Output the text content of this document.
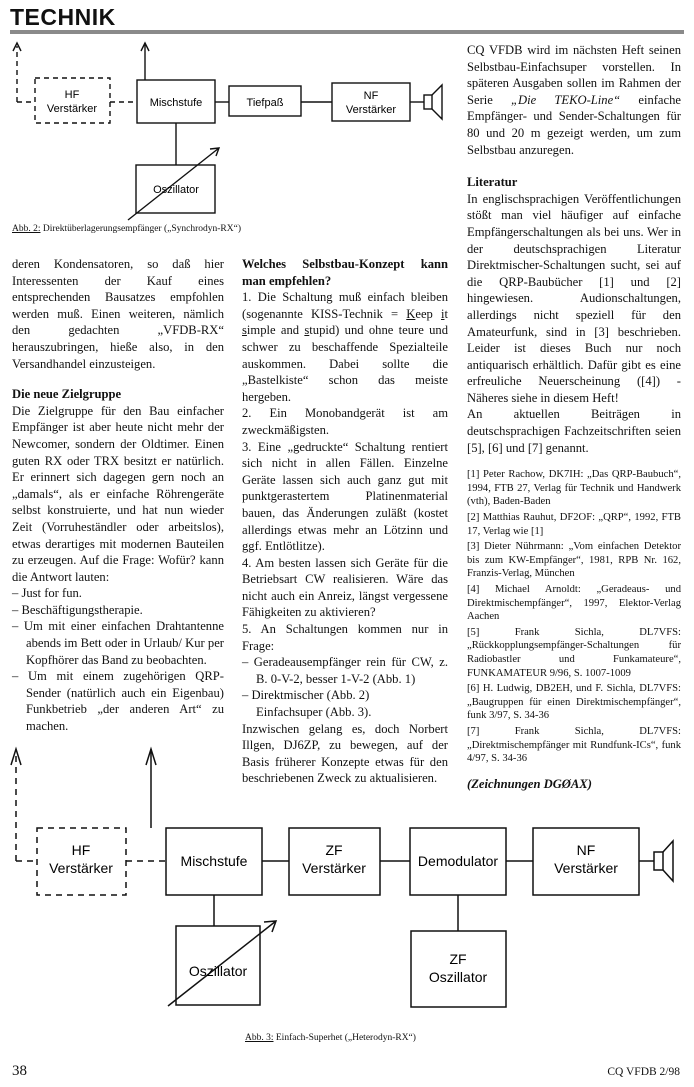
TECHNIK
HF
Verstärker	Mischstufe	Tiefpaß
NF
Verstärker
Oszillator
Abb. 2: Direktüberlagerungsempfänger („Synchrodyn-RX“)

deren Kondensatoren, so daß hier Interessenten der Kauf eines entsprechenden Bausatzes empfohlen werden muß. Einen weiteren, nämlich den gedachten „VFDB-RX“ herauszubringen, hieße also, in den Versandhandel einzusteigen.

Die neue Zielgruppe

Die Zielgruppe für den Bau einfacher Empfänger ist aber heute nicht mehr der Newcomer, sondern der Oldtimer. Einen guten RX oder TRX besitzt er natürlich. Er erinnert sich dagegen gern noch an „damals“, als er einfache Röhrengeräte selbst konstruierte, und hat nun wieder Zeit (Vorruheständler oder arbeitslos), etwas derartiges mit modernen Bauteilen zu erzeugen. Auf die Frage: Wofür? kann die Antwort lauten:

– Just for fun.

– Beschäftigungstherapie.

– Um mit einer einfachen Drahtantenne abends im Bett oder in Urlaub/ Kur per Kopfhörer das Band zu beobachten.

– Um mit einem zugehörigen QRP-Sender (natürlich auch ein Eigenbau) Funkbetrieb „der anderen Art“ zu machen.

Welches Selbstbau-Konzept kann man empfehlen?

1. Die Schaltung muß einfach bleiben (sogenannte KISS-Technik = Keep it simple and stupid) und ohne teure und schwer zu beschaffende Spezialteile auskommen. Dabei sollte die „Bastelkiste“ schon das meiste hergeben.

2. Ein Monobandgerät ist am zweckmäßigsten.

3. Eine „gedruckte“ Schaltung rentiert sich nicht in allen Fällen. Einzelne Geräte lassen sich auch ganz gut mit punktgerastertem Platinenmaterial bauen, das Änderungen zuläßt (kostet allerdings etwas mehr an Lötzinn und ggf. Entlötlitze).

4. Am besten lassen sich Geräte für die Betriebsart CW realisieren. Wäre das nicht auch ein Anreiz, längst vergessene Fähigkeiten zu aktivieren?

5. An Schaltungen kommen nur in Frage:

– Geradeausempfänger rein für CW, z. B. 0-V-2, besser 1-V-2 (Abb. 1)

– Direktmischer (Abb. 2)

Einfachsuper (Abb. 3).

Inzwischen gelang es, doch Norbert Illgen, DJ6ZP, zu bewegen, auf der Basis früherer Konzepte etwas für den beschriebenen Zweck zu aktualisieren.

CQ VFDB wird im nächsten Heft seinen Selbstbau-Einfachsuper vorstellen. In späteren Ausgaben sollen im Rahmen der Serie „Die TEKO-Line“ einfache Empfänger- und Sender-Schaltungen für 80 und 20 m gezeigt werden, um zum Selbstbau anzuregen.

Literatur

In englischsprachigen Veröffentlichungen stößt man viel häufiger auf einfache Empfängerschaltungen als bei uns. Wer in der deutschsprachigen Literatur Direktmischer-Schaltungen sucht, sei auf die QRP-Baubücher [1] und [2] hingewiesen. Audionschaltungen, allerdings nicht speziell für den Amateurfunk, sind in [3] beschrieben. Leider ist dieses Buch nur noch antiquarisch erhältlich. Dafür gibt es eine erfreuliche Neuerscheinung ([4]) - Näheres siehe in diesem Heft!

An aktuellen Beiträgen in deutschsprachigen Fachzeitschriften seien [5], [6] und [7] genannt.

[1] Peter Rachow, DK7IH: „Das QRP-Baubuch“, 1994, FTB 27, Verlag für Technik und Handwerk (vth), Baden-Baden

[2] Matthias Rauhut, DF2OF: „QRP“, 1992, FTB 17, Verlag wie [1]

[3] Dieter Nührmann: „Vom einfachen Detektor bis zum KW-Empfänger“, 1981, RPB Nr. 162, Franzis-Verlag, München

[4] Michael Arnoldt: „Geradeaus- und Direktmischempfänger“, 1997, Elektor-Verlag Aachen

[5] Frank Sichla, DL7VFS: „Rückkopplungsempfänger-Schaltungen für Radiobastler und Funkamateure“, FUNKAMATEUR 9/96, S. 1007-1009

[6] H. Ludwig, DB2EH, und F. Sichla, DL7VFS: „Baugruppen für einen Direktmischempfänger“, funk 3/97, S. 34-36

[7] Frank Sichla, DL7VFS: „Direktmischempfänger mit Rundfunk-ICs“, funk 4/97, S. 34-36

(Zeichnungen DGØAX)

HF
Verstärker	Mischstufe
ZF
Verstärker	Demodulator
NF
Verstärker
Oszillator
ZF
Oszillator
Abb. 3: Einfach-Superhet („Heterodyn-RX“)
38	CQ VFDB 2/98
